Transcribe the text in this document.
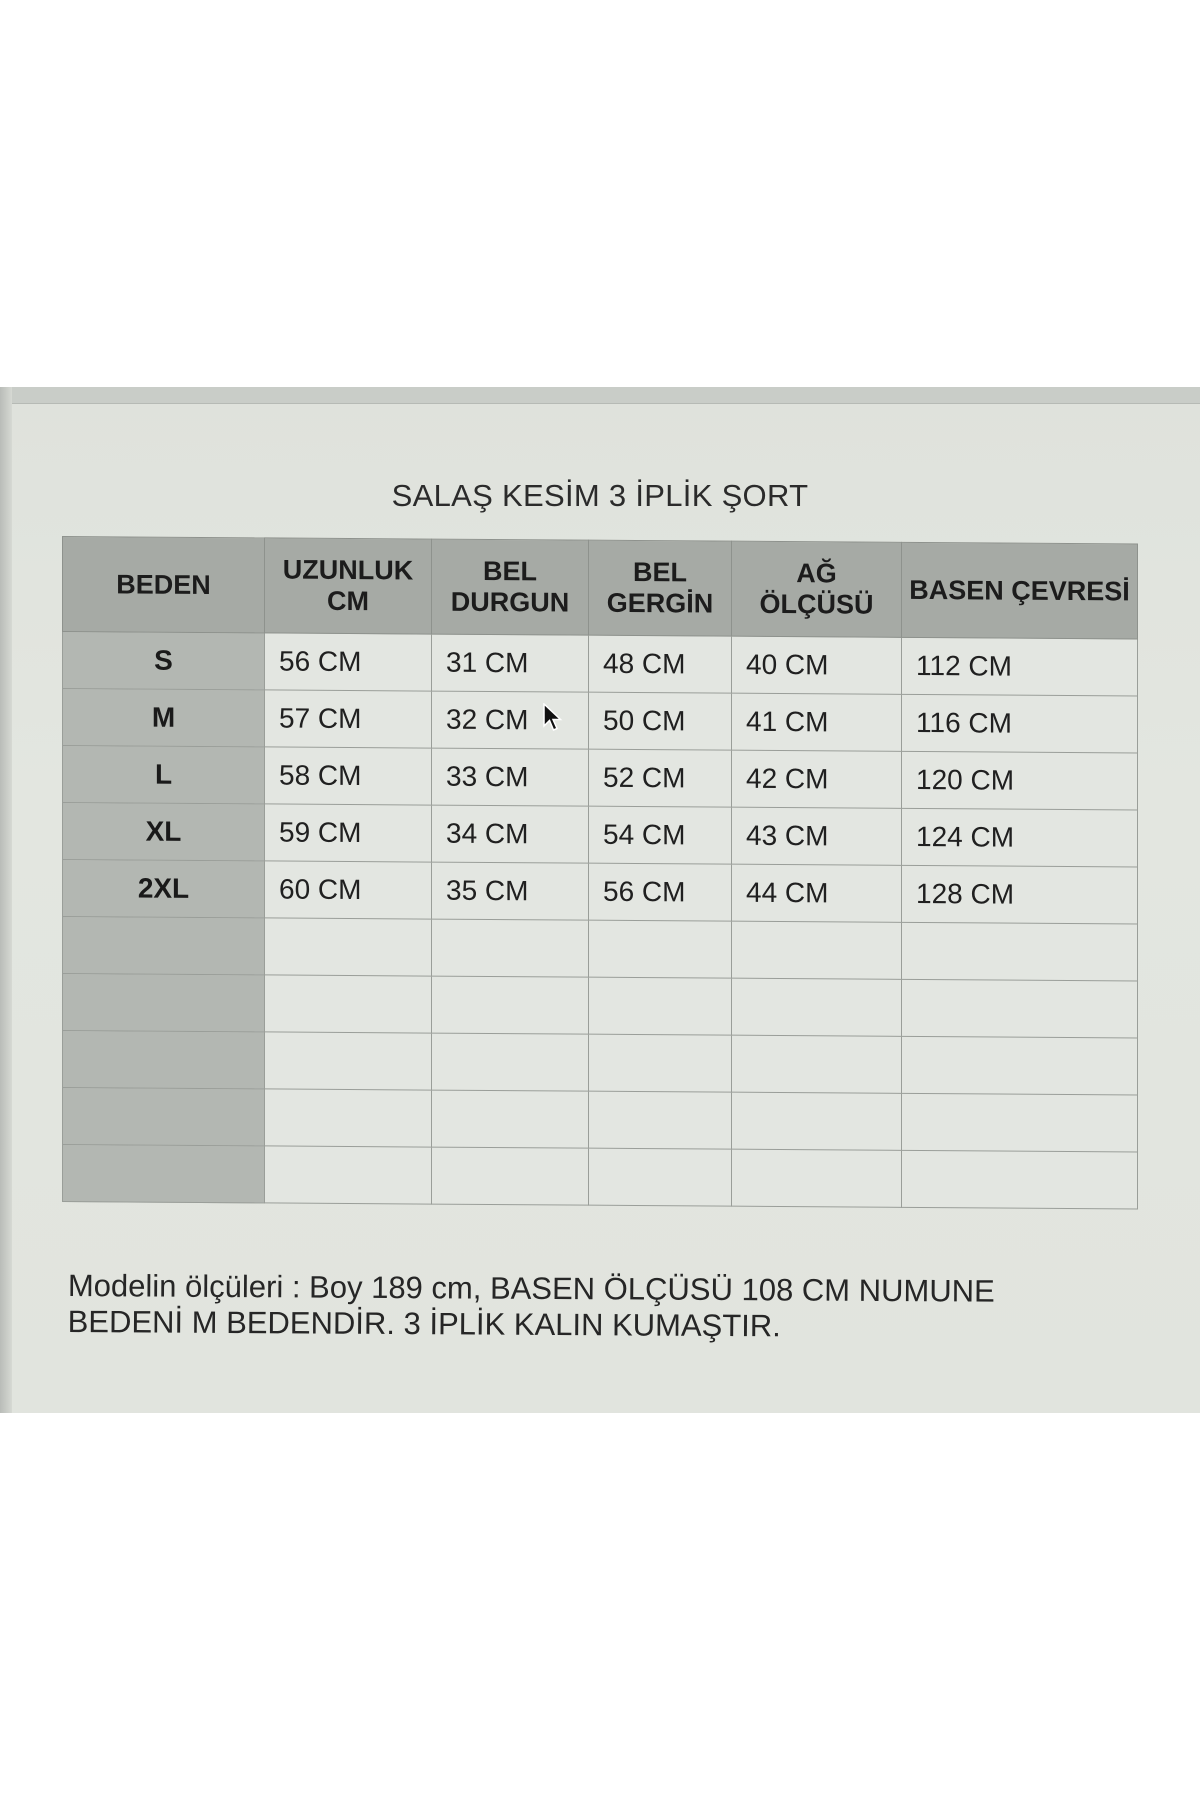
SALAŞ KESİM 3 İPLİK ŞORT
BEDEN	UZUNLUK CM	BEL DURGUN	BEL GERGİN	AĞ ÖLÇÜSÜ	BASEN ÇEVRESİ
S	56 CM	31 CM	48 CM	40 CM	112 CM
M	57 CM	32 CM	50 CM	41 CM	116 CM
L	58 CM	33 CM	52 CM	42 CM	120 CM
XL	59 CM	34 CM	54 CM	43 CM	124 CM
2XL	60 CM	35 CM	56 CM	44 CM	128 CM

Modelin ölçüleri : Boy 189 cm, BASEN ÖLÇÜSÜ 108 CM NUMUNE
BEDENİ M BEDENDİR. 3 İPLİK KALIN KUMAŞTIR.
